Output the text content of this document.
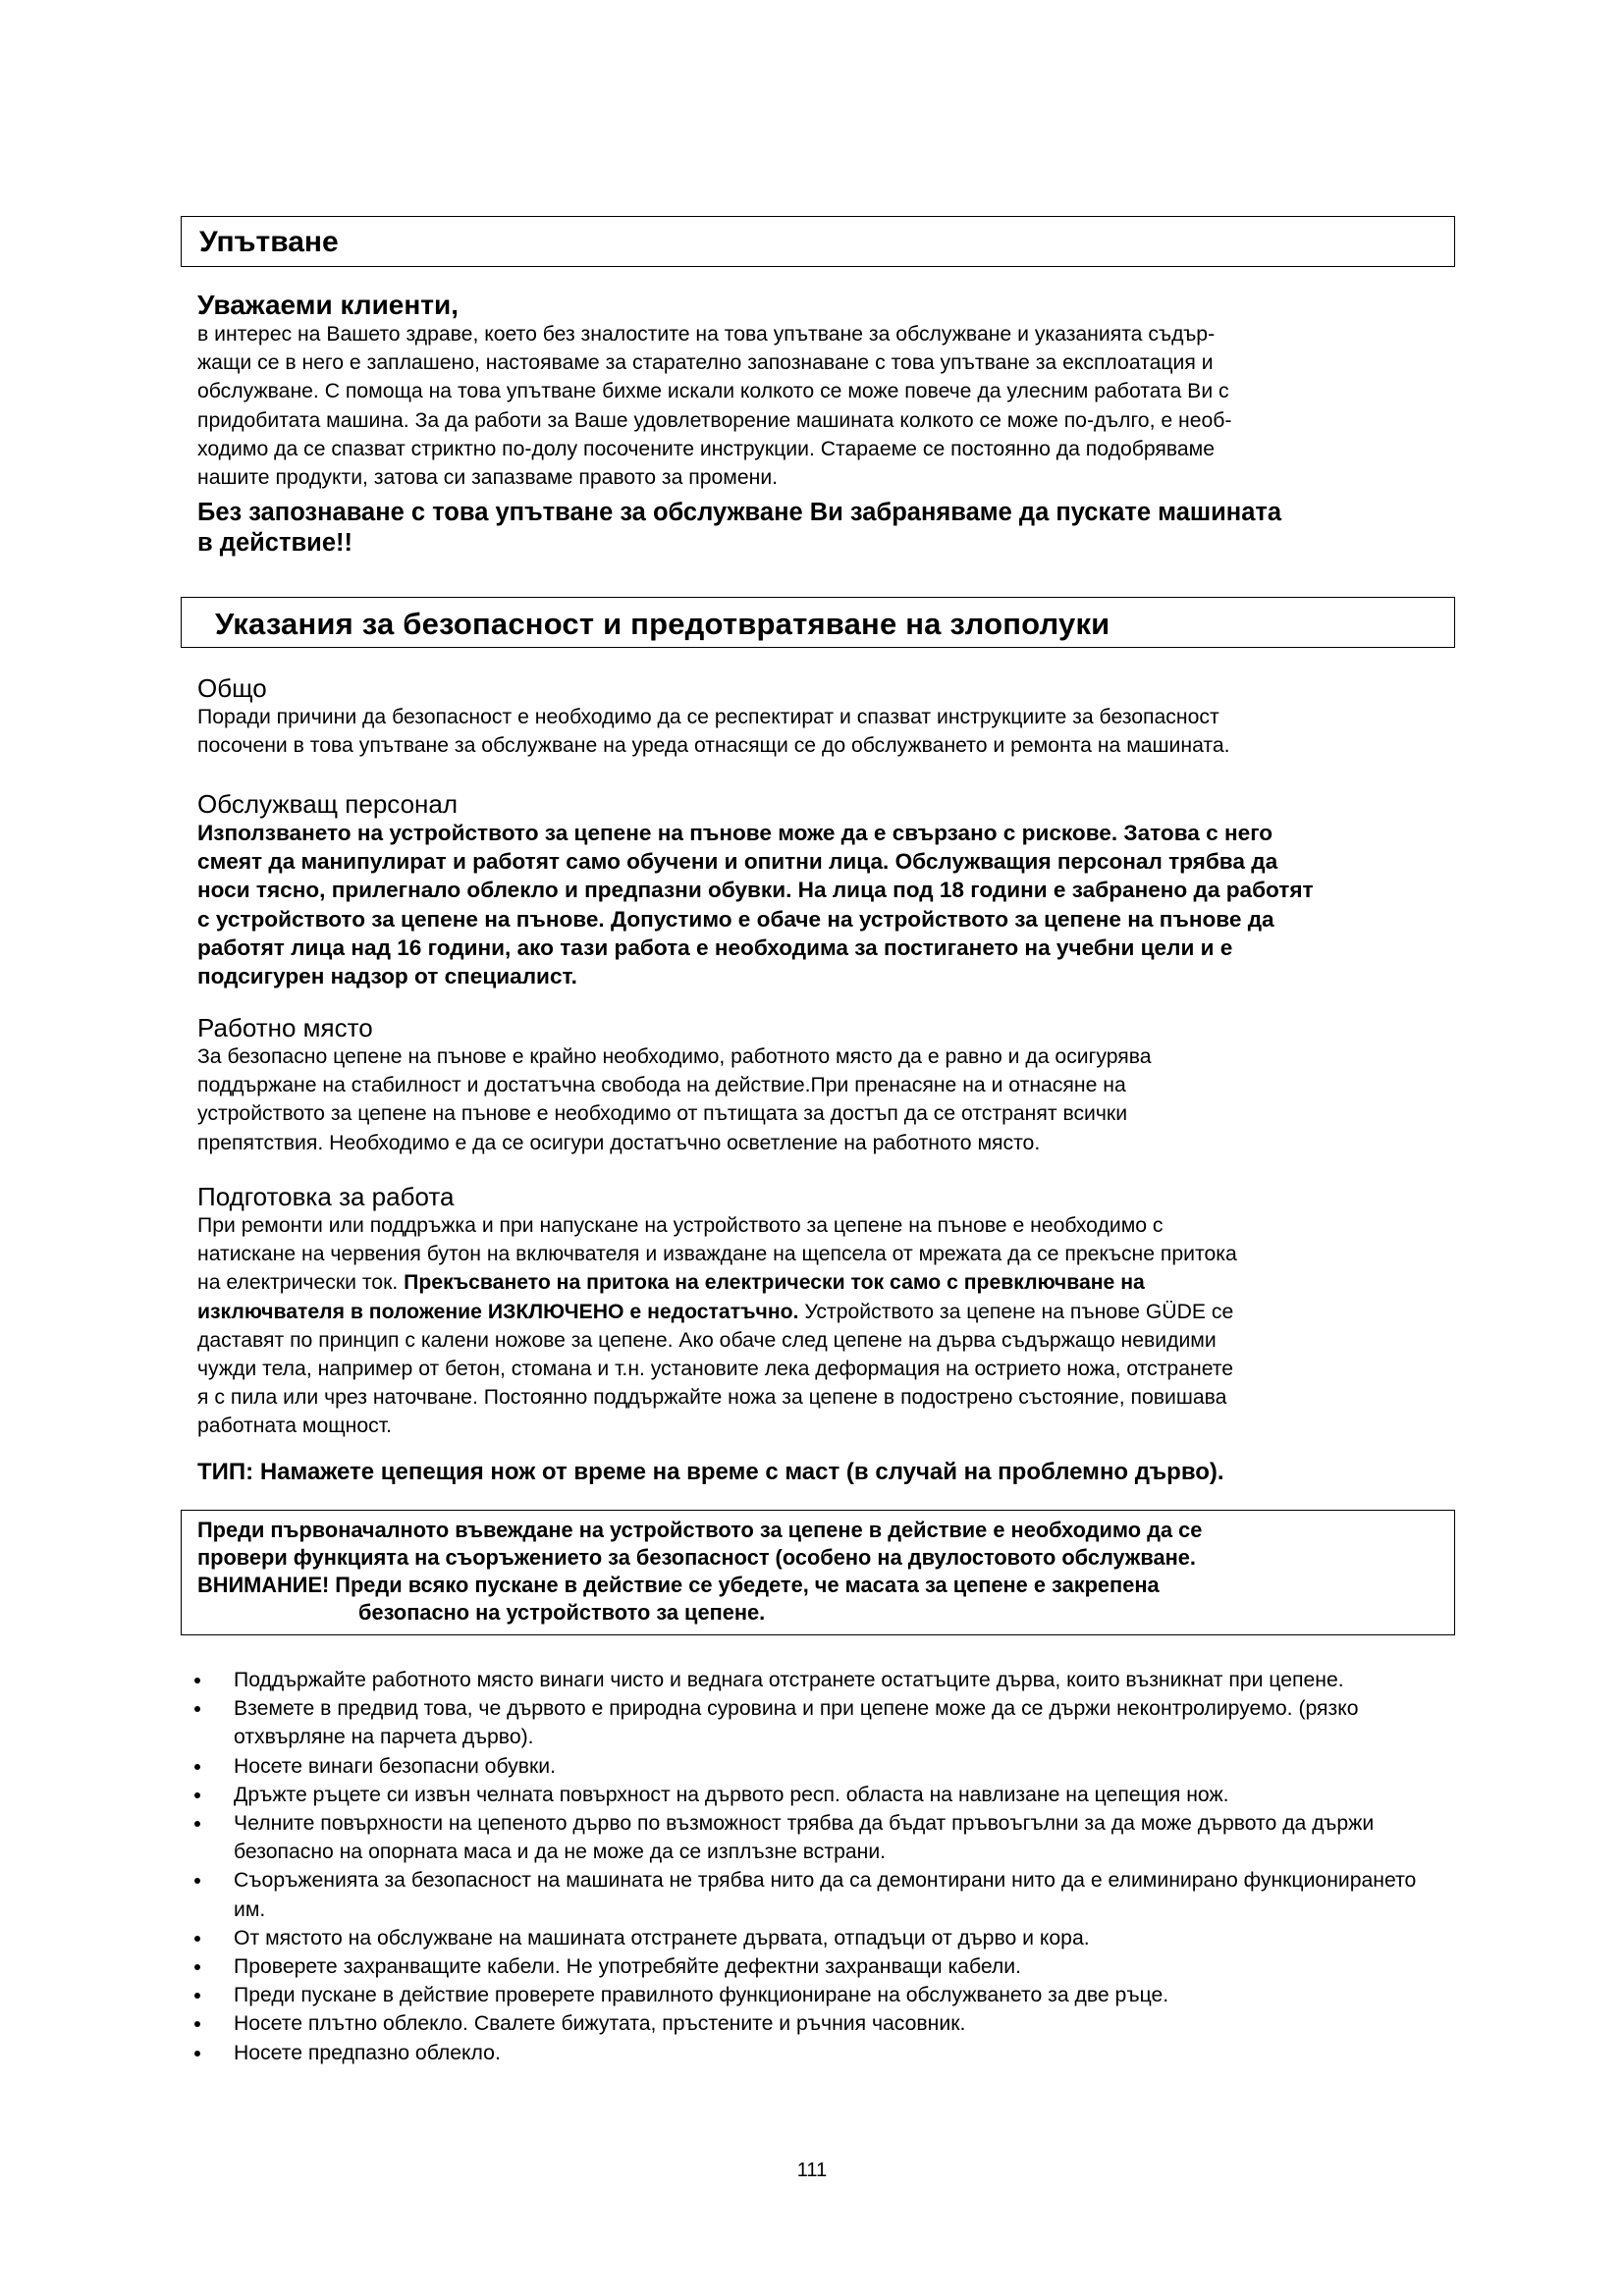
Упътване
Уважаеми клиенти,
в интерес на Вашето здраве, което без зналостите на това упътване за обслужване и указанията съдър-
жащи се в него е заплашено, настояваме за старателно запознаване с това упътване за експлоатация и
обслужване. С помоща на това упътване бихме искали колкото се може повече да улесним работата Ви с
придобитата машина. За да работи за Ваше удовлетворение машината колкото се може по-дълго, е необ-
ходимо да се спазват стриктно по-долу посочените инструкции. Стараеме се постоянно да подобряваме
нашите продукти, затова си запазваме правото за промени.
Без запознаване с това упътване за обслужване Ви забраняваме да пускате машината
в действие!!
Указания за безопасност и предотвратяване на злополуки
Общо
Поради причини да безопасност е необходимо да се респектират и спазват инструкциите за безопасност
посочени в това упътване за обслужване на уреда отнасящи се до обслужването и ремонта на машината.
Обслужващ персонал
Използването на устройството за цепене на пънове може да е свързано с рискове. Затова с него
смеят да манипулират и работят само обучени и опитни лица. Обслужващия персонал трябва да
носи тясно, прилегнало облекло и предпазни обувки. На лица под 18 години е забранено да работят
с устройството за цепене на пънове. Допустимо е обаче на устройството за цепене на пънове да
работят лица над 16 години, ако тази работа е необходима за постигането на учебни цели и е
подсигурен надзор от специалист.
Работно място
За безопасно цепене на пънове е крайно необходимо, работното място да е равно и да осигурява
поддържане на стабилност и достатъчна свобода на действие.При пренасяне на и отнасяне на
устройството за цепене на пънове е необходимо от пътищата за достъп да се отстранят всички
препятствия. Необходимо е да се осигури достатъчно осветление на работното място.
Подготовка за работа
При ремонти или поддръжка и при напускане на устройството за цепене на пънове е необходимо с
натискане на червения бутон на включвателя и изваждане на щепсела от мрежата да се прекъсне притока
на електрически ток. Прекъсването на притока на електрически ток само с превключване на
изключвателя в положение ИЗКЛЮЧЕНО е недостатъчно. Устройството за цепене на пънове GÜDE се
даставят по принцип с калени ножове за цепене. Ако обаче след цепене на дърва съдържащо невидими
чужди тела, например от бетон, стомана и т.н. установите лека деформация на острието ножа, отстранете
я с пила или чрез наточване. Постоянно поддържайте ножа за цепене в подострено състояние, повишава
работната мощност.
ТИП: Намажете цепещия нож от време на време с маст (в случай на проблемно дърво).
Преди първоначалното въвеждане на устройството за цепене в действие е необходимо да се
провери функцията на съоръжението за безопасност (особено на двулостовото обслужване.
ВНИМАНИЕ! Преди всяко пускане в действие се убедете, че масата за цепене е закрепена
безопасно на устройството за цепене.
Поддържайте работното място винаги чисто и веднага отстранете остатъците дърва, които възникнат при цепене.
Вземете в предвид това, че дървото е природна суровина и при цепене може да се държи неконтролируемо. (рязко отхвърляне на парчета дърво).
Носете винаги безопасни обувки.
Дръжте ръцете си извън челната повърхност на дървото респ. областа на навлизане на цепещия нож.
Челните повърхности на цепеното дърво по възможност трябва да бъдат пръвоъгълни за да може дървото да държи безопасно на опорната маса и да не може да се изплъзне встрани.
Съоръженията за безопасност на машината не трябва нито да са демонтирани нито да е елиминирано функционирането им.
От мястото на обслужване на машината отстранете дървата, отпадъци от дърво и кора.
Проверете захранващите кабели. Не употребяйте дефектни захранващи кабели.
Преди пускане в действие проверете правилното функциониране на обслужването за две ръце.
Носете плътно облекло. Свалете бижутата, пръстените и ръчния часовник.
Носете предпазно облекло.
111
